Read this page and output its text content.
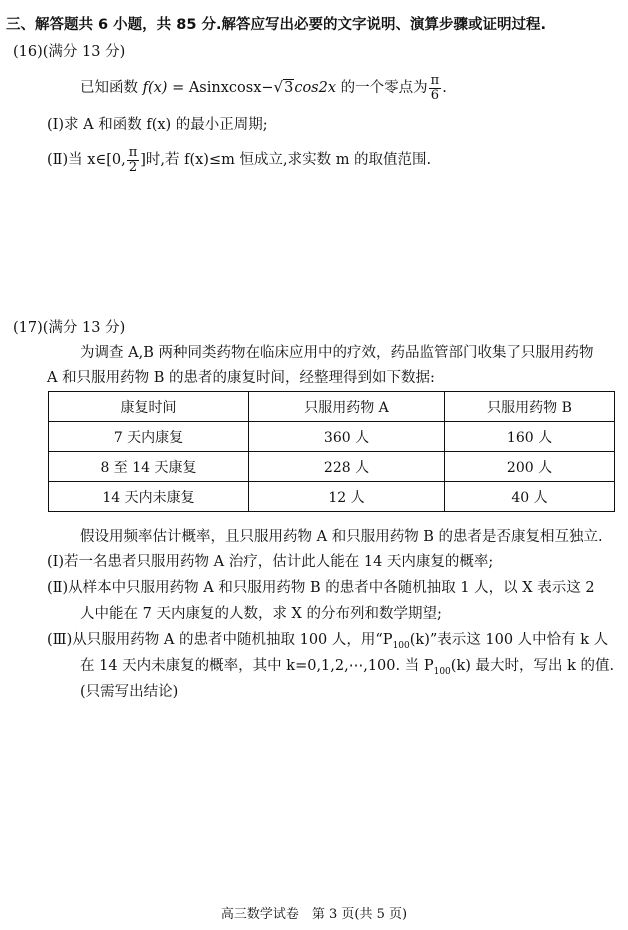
三、解答题共 6 小题，共 85 分.解答应写出必要的文字说明、演算步骤或证明过程.
(16)(满分 13 分)
已知函数 f(x) = Asinxcosx−√3cos2x 的一个零点为 $\frac{\pi}{6}$ .
(Ⅰ)求 A 和函数 f(x) 的最小正周期;
(Ⅱ)当 x∈[0, $\frac{\pi}{2}$ ]时,若 f(x)≤m 恒成立,求实数 m 的取值范围.
(17)(满分 13 分)
为调查 A,B 两种同类药物在临床应用中的疗效，药品监管部门收集了只服用药物
A 和只服用药物 B 的患者的康复时间，经整理得到如下数据:
康复时间	只服用药物 A	只服用药物 B
7 天内康复	360 人	160 人
8 至 14 天康复	228 人	200 人
14 天内未康复	12 人	40 人
假设用频率估计概率，且只服用药物 A 和只服用药物 B 的患者是否康复相互独立.
(Ⅰ)若一名患者只服用药物 A 治疗，估计此人能在 14 天内康复的概率;
(Ⅱ)从样本中只服用药物 A 和只服用药物 B 的患者中各随机抽取 1 人，以 X 表示这 2
人中能在 7 天内康复的人数，求 X 的分布列和数学期望;
(Ⅲ)从只服用药物 A 的患者中随机抽取 100 人，用“$P_{100}(k)$”表示这 100 人中恰有 k 人
在 14 天内未康复的概率，其中 k=0,1,2,⋯,100. 当 $P_{100}(k)$ 最大时，写出 k 的值.
(只需写出结论)
高三数学试卷　第 3 页(共 5 页)
